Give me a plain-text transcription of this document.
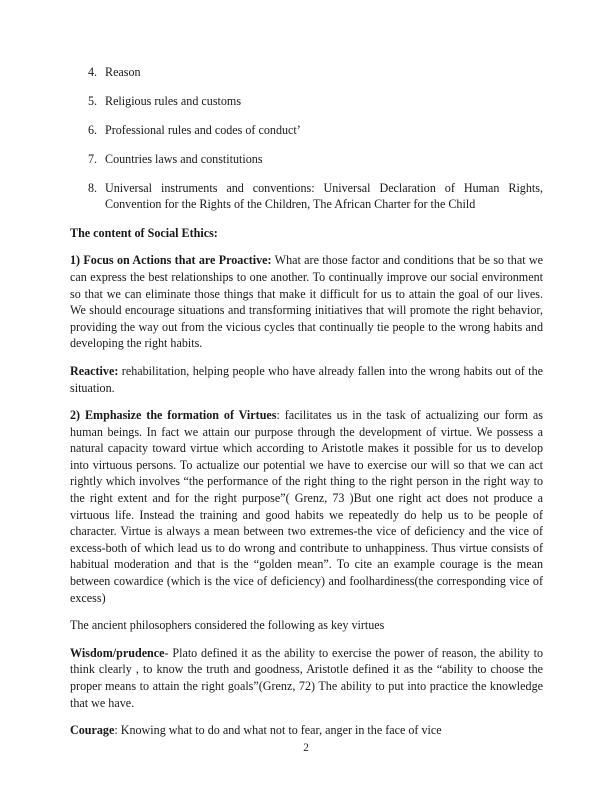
4. Reason
5. Religious rules and customs
6. Professional rules and codes of conduct’
7. Countries laws and constitutions
8. Universal instruments and conventions: Universal Declaration of Human Rights, Convention for the Rights of the Children, The African Charter for the Child
The content of Social Ethics:

1) Focus on Actions that are Proactive: What are those factor and conditions that be so that we can express the best relationships to one another. To continually improve our social environment so that we can eliminate those things that make it difficult for us to attain the goal of our lives. We should encourage situations and transforming initiatives that will promote the right behavior, providing the way out from the vicious cycles that continually tie people to the wrong habits and developing the right habits.

Reactive: rehabilitation, helping people who have already fallen into the wrong habits out of the situation.

2) Emphasize the formation of Virtues: facilitates us in the task of actualizing our form as human beings. In fact we attain our purpose through the development of virtue. We possess a natural capacity toward virtue which according to Aristotle makes it possible for us to develop into virtuous persons. To actualize our potential we have to exercise our will so that we can act rightly which involves “the performance of the right thing to the right person in the right way to the right extent and for the right purpose”( Grenz, 73 )But one right act does not produce a virtuous life. Instead the training and good habits we repeatedly do help us to be people of character. Virtue is always a mean between two extremes-the vice of deficiency and the vice of excess-both of which lead us to do wrong and contribute to unhappiness. Thus virtue consists of habitual moderation and that is the “golden mean”. To cite an example courage is the mean between cowardice (which is the vice of deficiency) and foolhardiness(the corresponding vice of excess)

The ancient philosophers considered the following as key virtues

Wisdom/prudence- Plato defined it as the ability to exercise the power of reason, the ability to think clearly , to know the truth and goodness, Aristotle defined it as the “ability to choose the proper means to attain the right goals”(Grenz, 72) The ability to put into practice the knowledge that we have.

Courage: Knowing what to do and what not to fear, anger in the face of vice

2
